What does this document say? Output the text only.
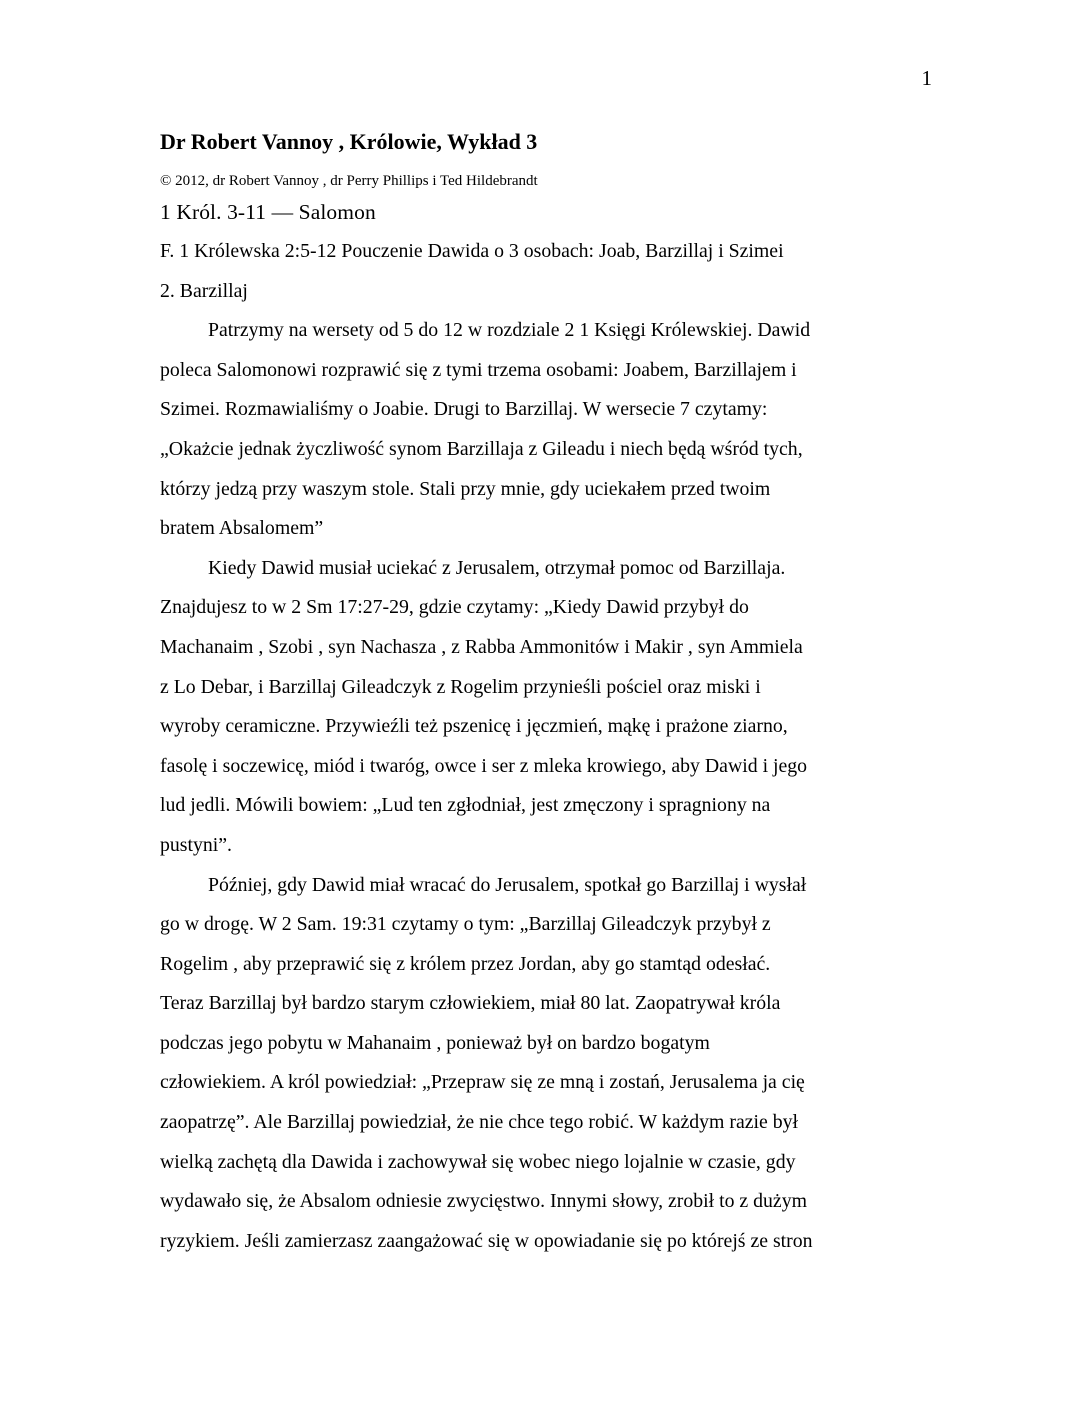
1
Dr Robert Vannoy , Królowie, Wykład 3

© 2012, dr Robert Vannoy , dr Perry Phillips i Ted Hildebrandt

1 Król. 3-11 — Salomon

F. 1 Królewska 2:5-12 Pouczenie Dawida o 3 osobach: Joab, Barzillaj i Szimei

2. Barzillaj

Patrzymy na wersety od 5 do 12 w rozdziale 2 1 Księgi Królewskiej. Dawid
poleca Salomonowi rozprawić się z tymi trzema osobami: Joabem, Barzillajem i
Szimei. Rozmawialiśmy o Joabie. Drugi to Barzillaj. W wersecie 7 czytamy:
„Okażcie jednak życzliwość synom Barzillaja z Gileadu i niech będą wśród tych,
którzy jedzą przy waszym stole. Stali przy mnie, gdy uciekałem przed twoim
bratem Absalomem”
Kiedy Dawid musiał uciekać z Jerusalem, otrzymał pomoc od Barzillaja.
Znajdujesz to w 2 Sm 17:27-29, gdzie czytamy: „Kiedy Dawid przybył do
Machanaim , Szobi , syn Nachasza , z Rabba Ammonitów i Makir , syn Ammiela
z Lo Debar, i Barzillaj Gileadczyk z Rogelim przynieśli pościel oraz miski i
wyroby ceramiczne. Przywieźli też pszenicę i jęczmień, mąkę i prażone ziarno,
fasolę i soczewicę, miód i twaróg, owce i ser z mleka krowiego, aby Dawid i jego
lud jedli. Mówili bowiem: „Lud ten zgłodniał, jest zmęczony i spragniony na
pustyni”.
Później, gdy Dawid miał wracać do Jerusalem, spotkał go Barzillaj i wysłał
go w drogę. W 2 Sam. 19:31 czytamy o tym: „Barzillaj Gileadczyk przybył z
Rogelim , aby przeprawić się z królem przez Jordan, aby go stamtąd odesłać.
Teraz Barzillaj był bardzo starym człowiekiem, miał 80 lat. Zaopatrywał króla
podczas jego pobytu w Mahanaim , ponieważ był on bardzo bogatym
człowiekiem. A król powiedział: „Przepraw się ze mną i zostań, Jerusalema ja cię
zaopatrzę”. Ale Barzillaj powiedział, że nie chce tego robić. W każdym razie był
wielką zachętą dla Dawida i zachowywał się wobec niego lojalnie w czasie, gdy
wydawało się, że Absalom odniesie zwycięstwo. Innymi słowy, zrobił to z dużym
ryzykiem. Jeśli zamierzasz zaangażować się w opowiadanie się po którejś ze stron
